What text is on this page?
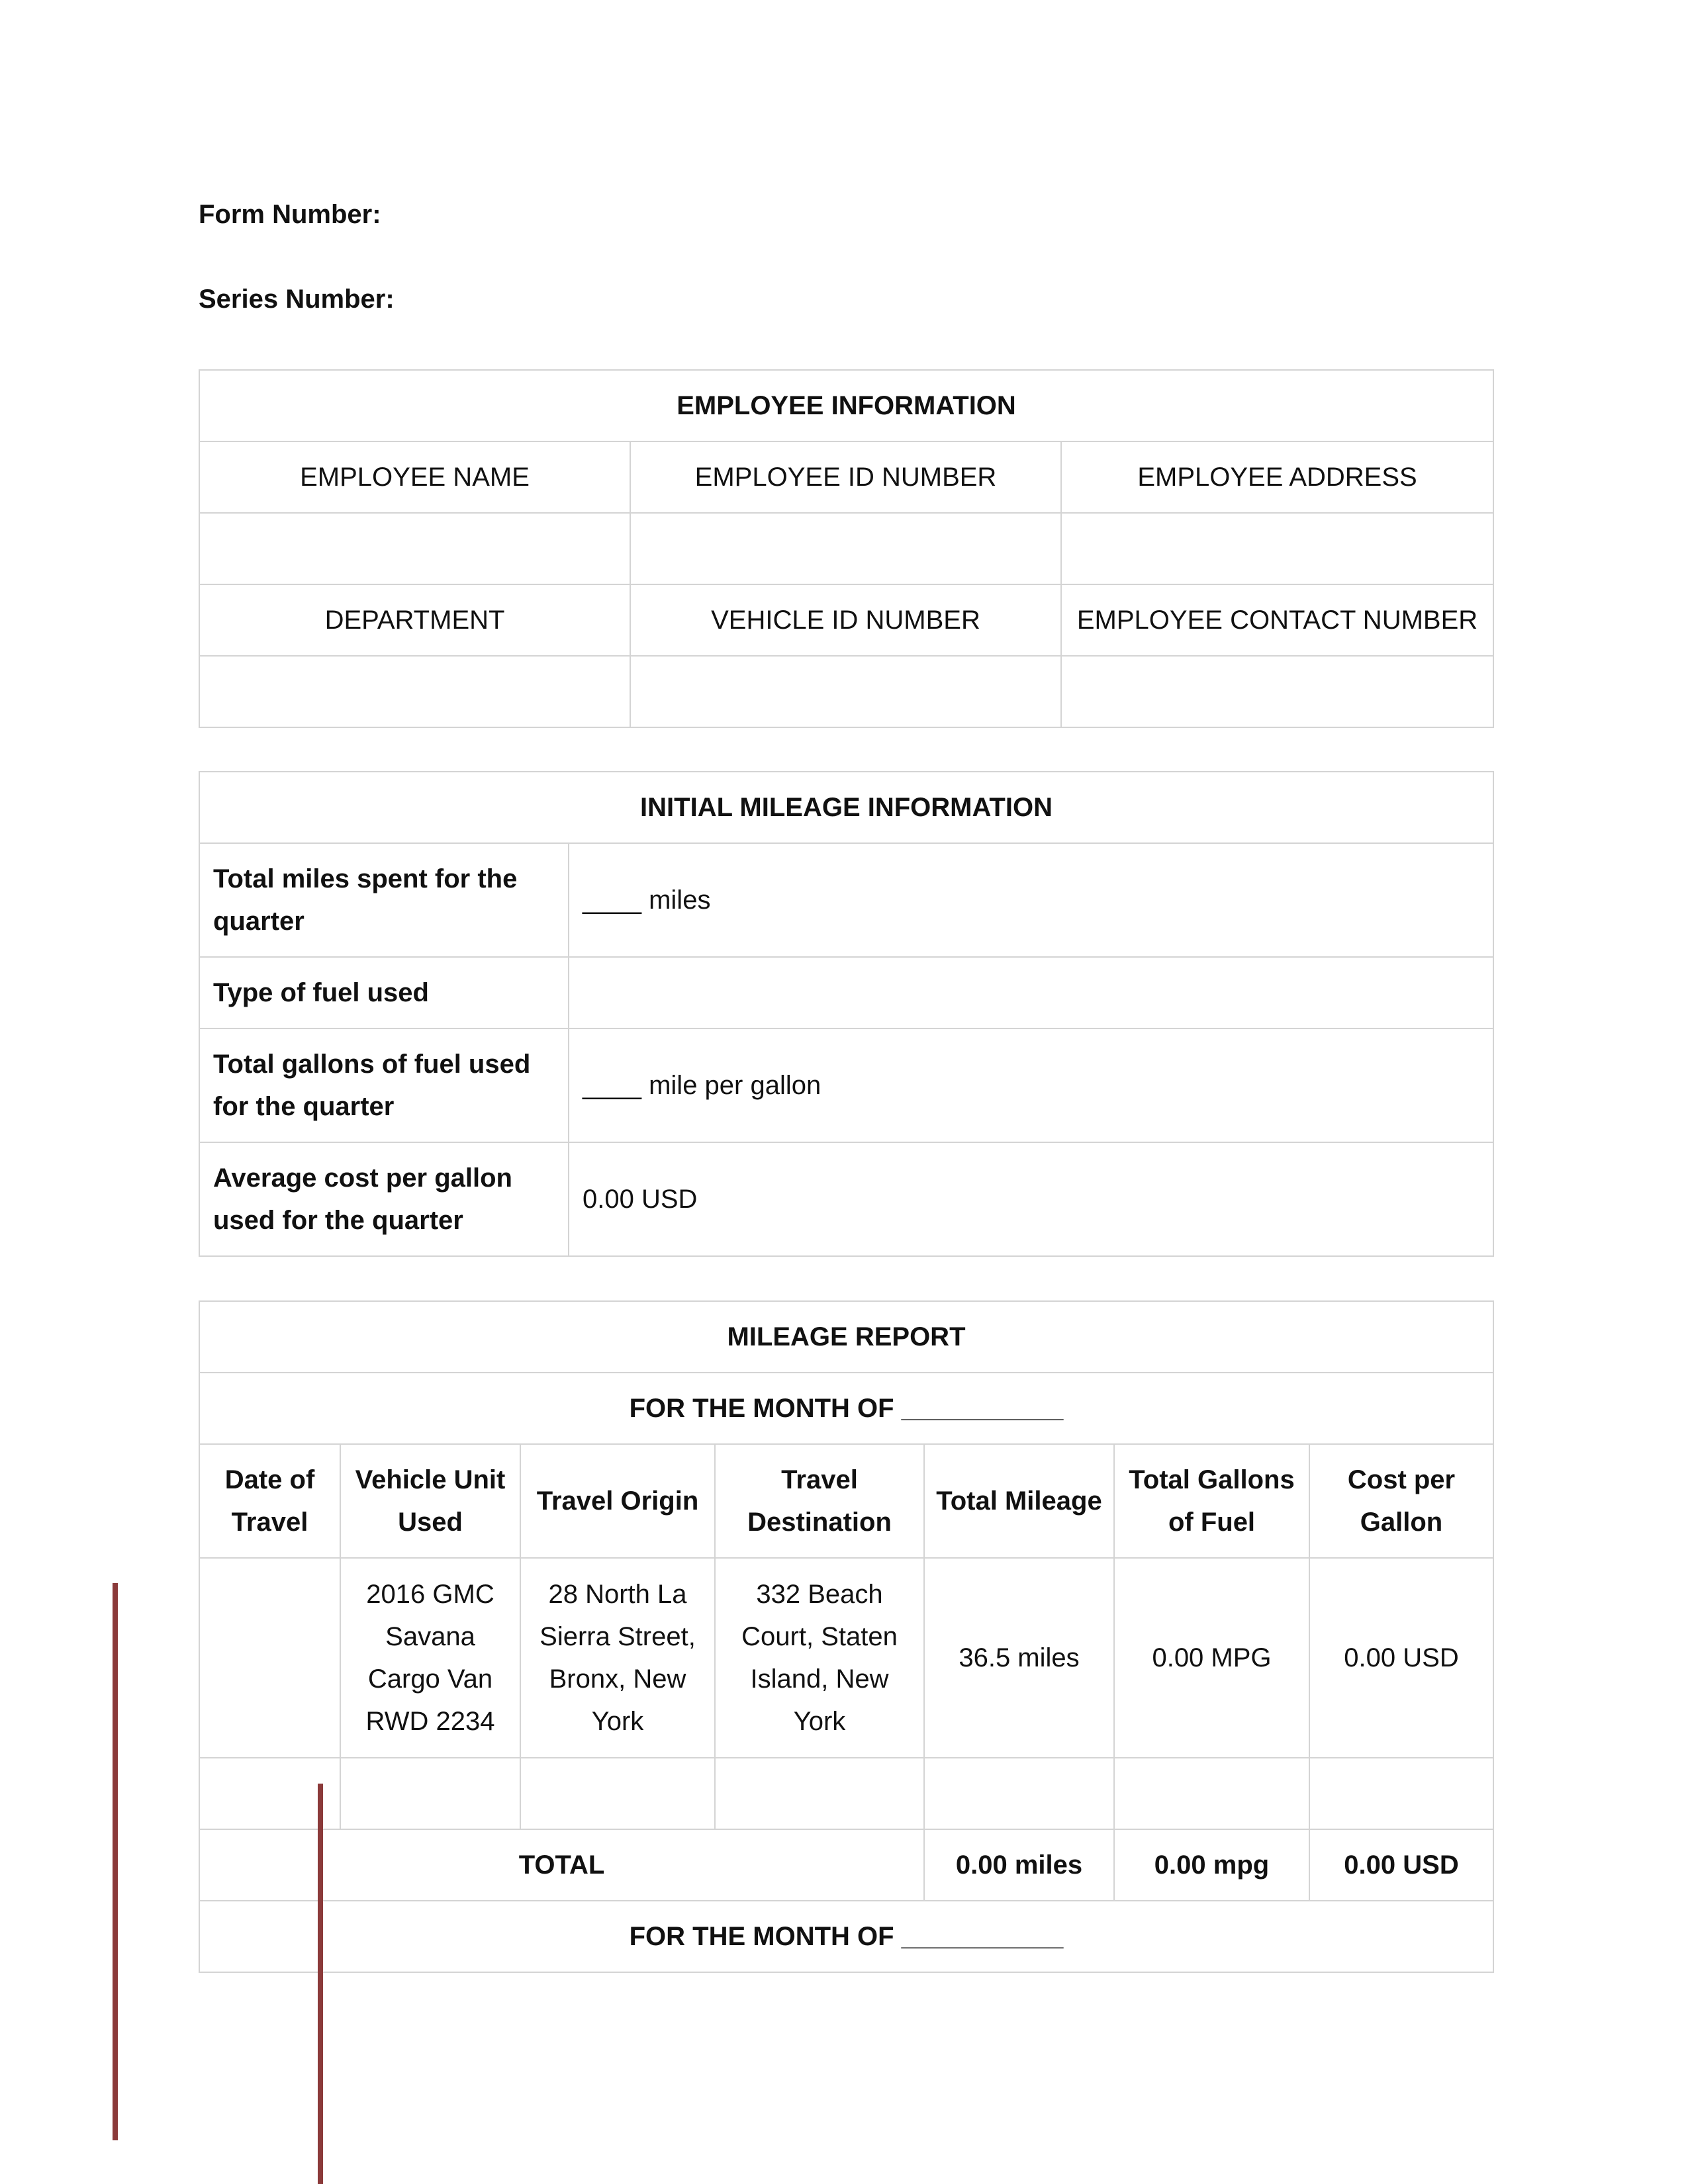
Form Number:
Series Number:
EMPLOYEE INFORMATION		
EMPLOYEE NAME	EMPLOYEE ID NUMBER	EMPLOYEE ADDRESS

DEPARTMENT	VEHICLE ID NUMBER	EMPLOYEE CONTACT NUMBER

INITIAL MILEAGE INFORMATION	
Total miles spent for the quarter	____ miles
Type of fuel used	
Total gallons of fuel used for the quarter	____ mile per gallon
Average cost per gallon used for the quarter	0.00 USD
MILEAGE REPORT						
FOR THE MONTH OF ___________						
Date of Travel	Vehicle Unit Used	Travel Origin	Travel Destination	Total Mileage	Total Gallons of Fuel	Cost per Gallon
	2016 GMC Savana Cargo Van RWD 2234	28 North La Sierra Street, Bronx, New York	332 Beach Court, Staten Island, New York	36.5 miles	0.00 MPG	0.00 USD

TOTAL				0.00 miles	0.00 mpg	0.00 USD
FOR THE MONTH OF ___________						
